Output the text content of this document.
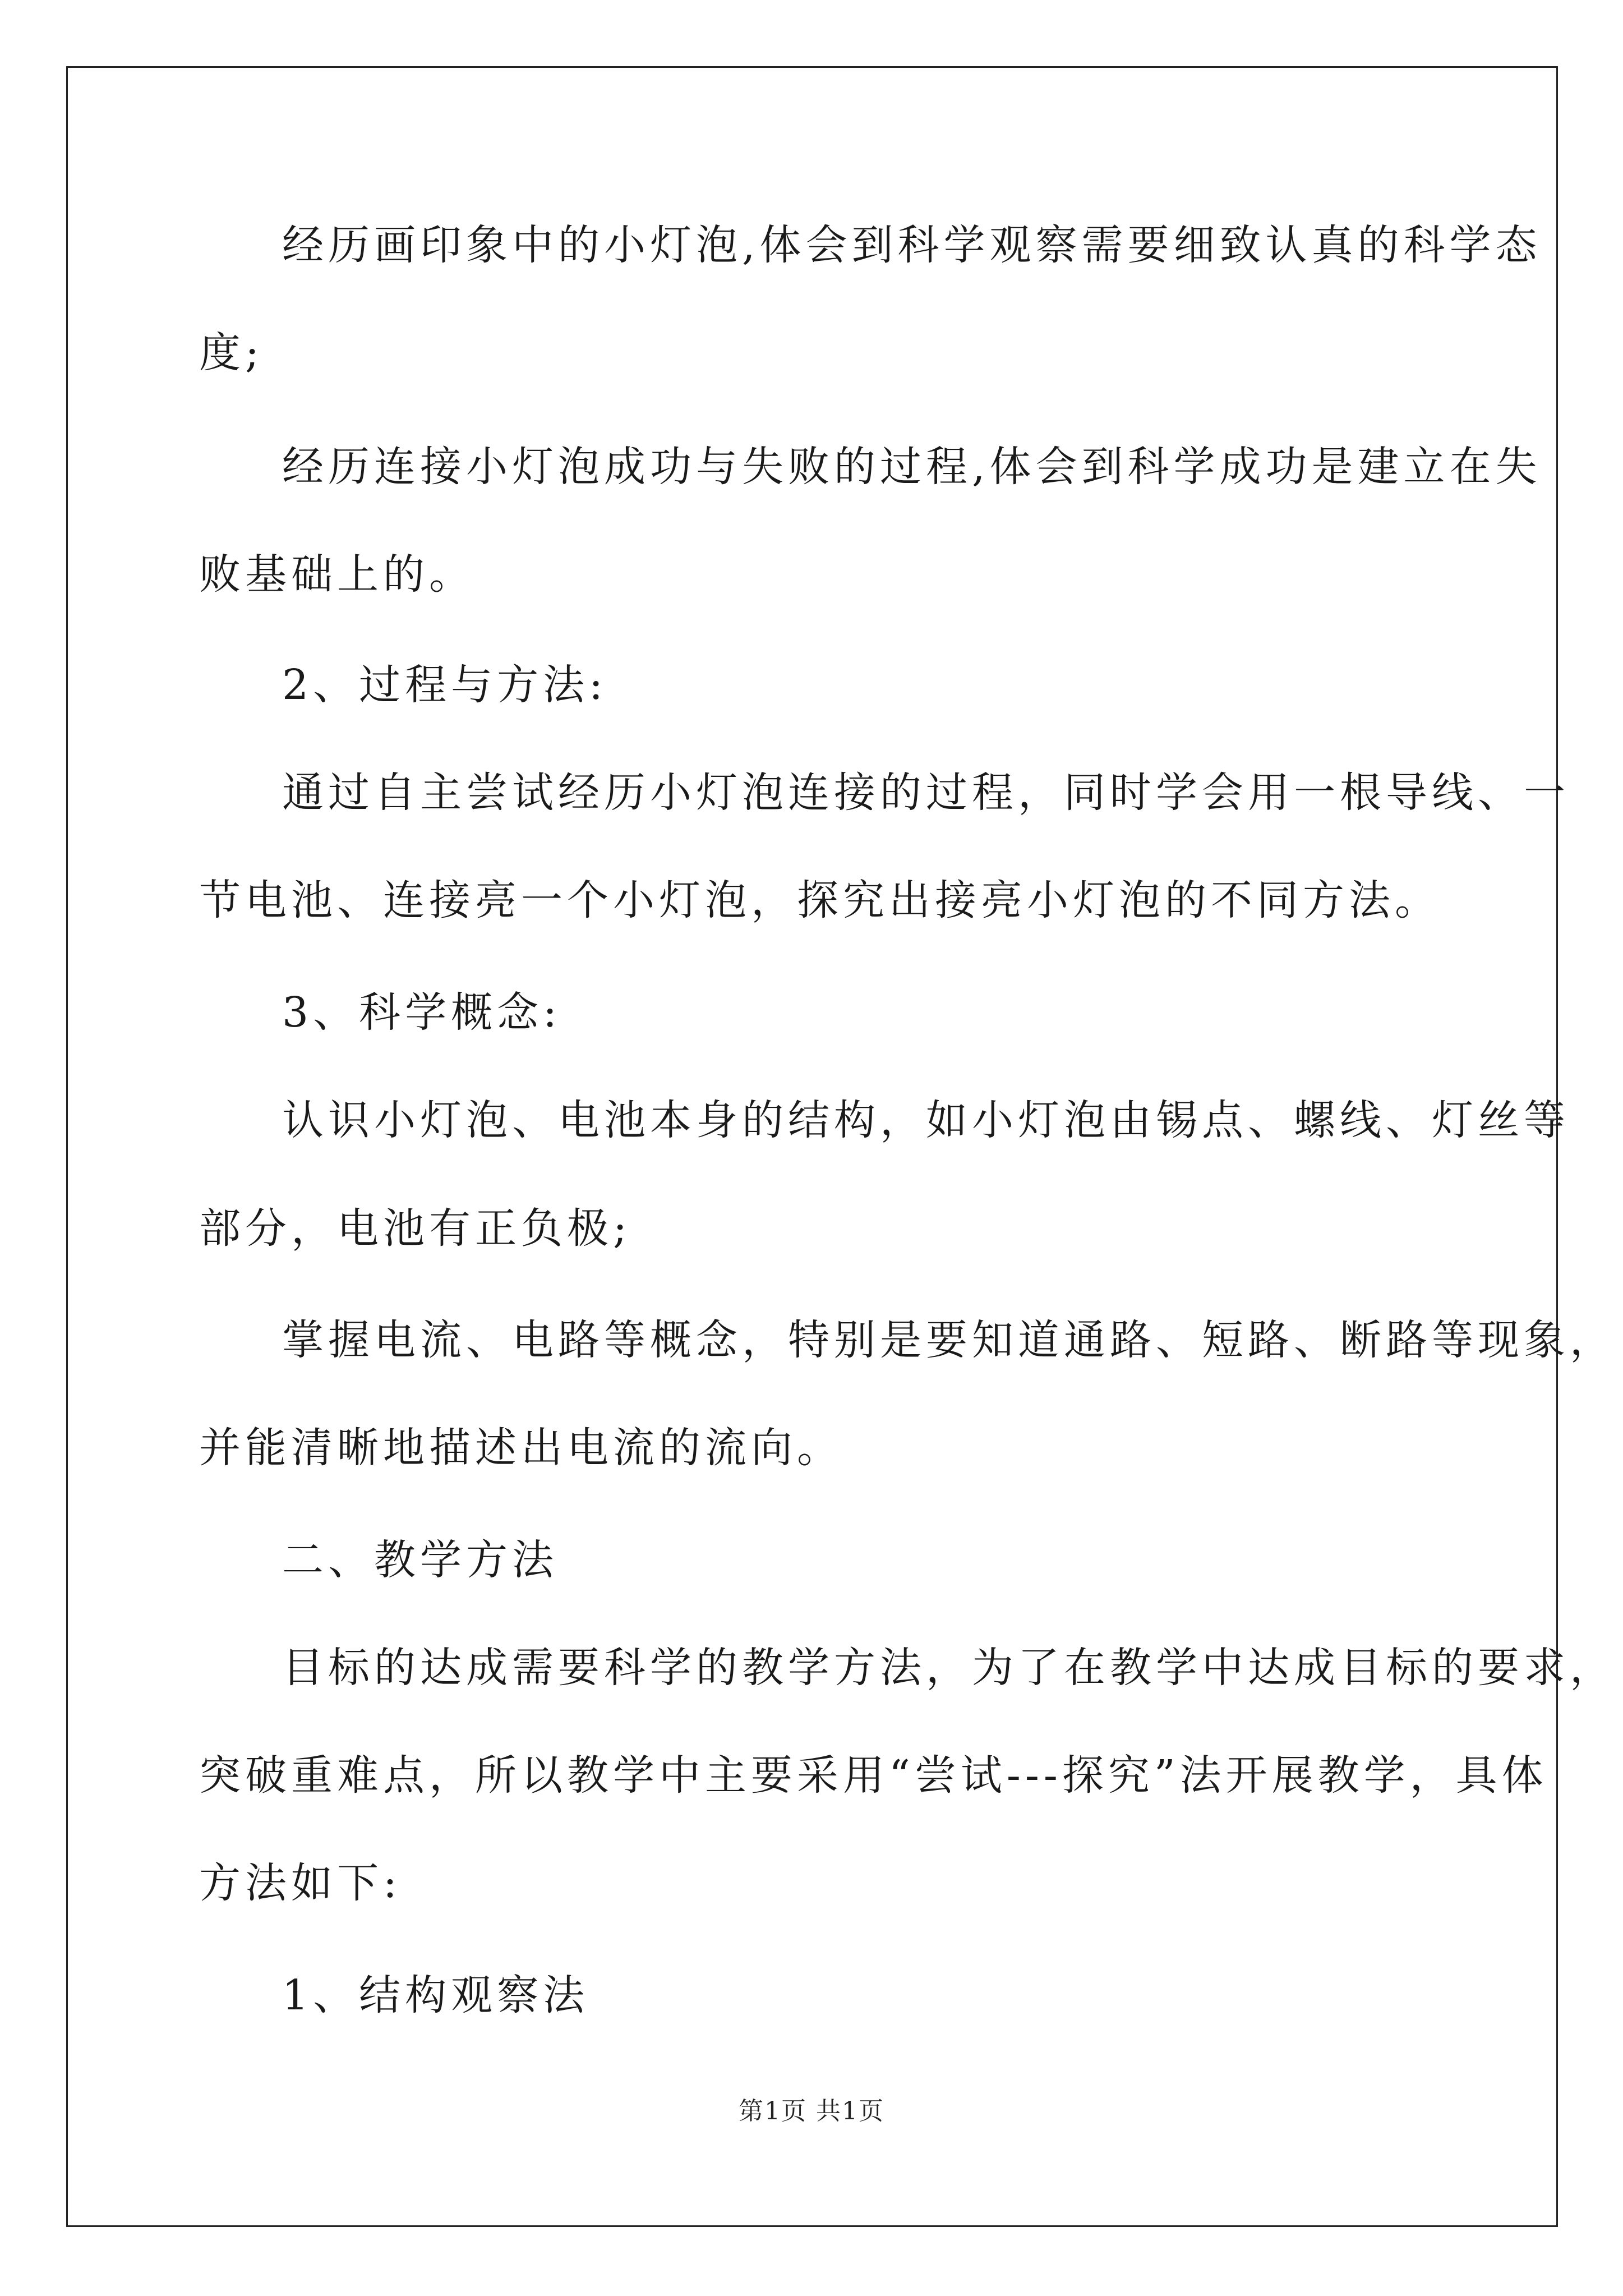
经历画印象中的小灯泡,体会到科学观察需要细致认真的科学态
度;
经历连接小灯泡成功与失败的过程,体会到科学成功是建立在失
败基础上的。
2、过程与方法:
通过自主尝试经历小灯泡连接的过程，同时学会用一根导线、一
节电池、连接亮一个小灯泡，探究出接亮小灯泡的不同方法。
3、科学概念:
认识小灯泡、电池本身的结构，如小灯泡由锡点、螺线、灯丝等
部分，电池有正负极;
掌握电流、电路等概念，特别是要知道通路、短路、断路等现象，
并能清晰地描述出电流的流向。
二、教学方法
目标的达成需要科学的教学方法，为了在教学中达成目标的要求，
突破重难点，所以教学中主要采用“尝试---探究”法开展教学，具体
方法如下:
1、结构观察法
第1页 共1页
